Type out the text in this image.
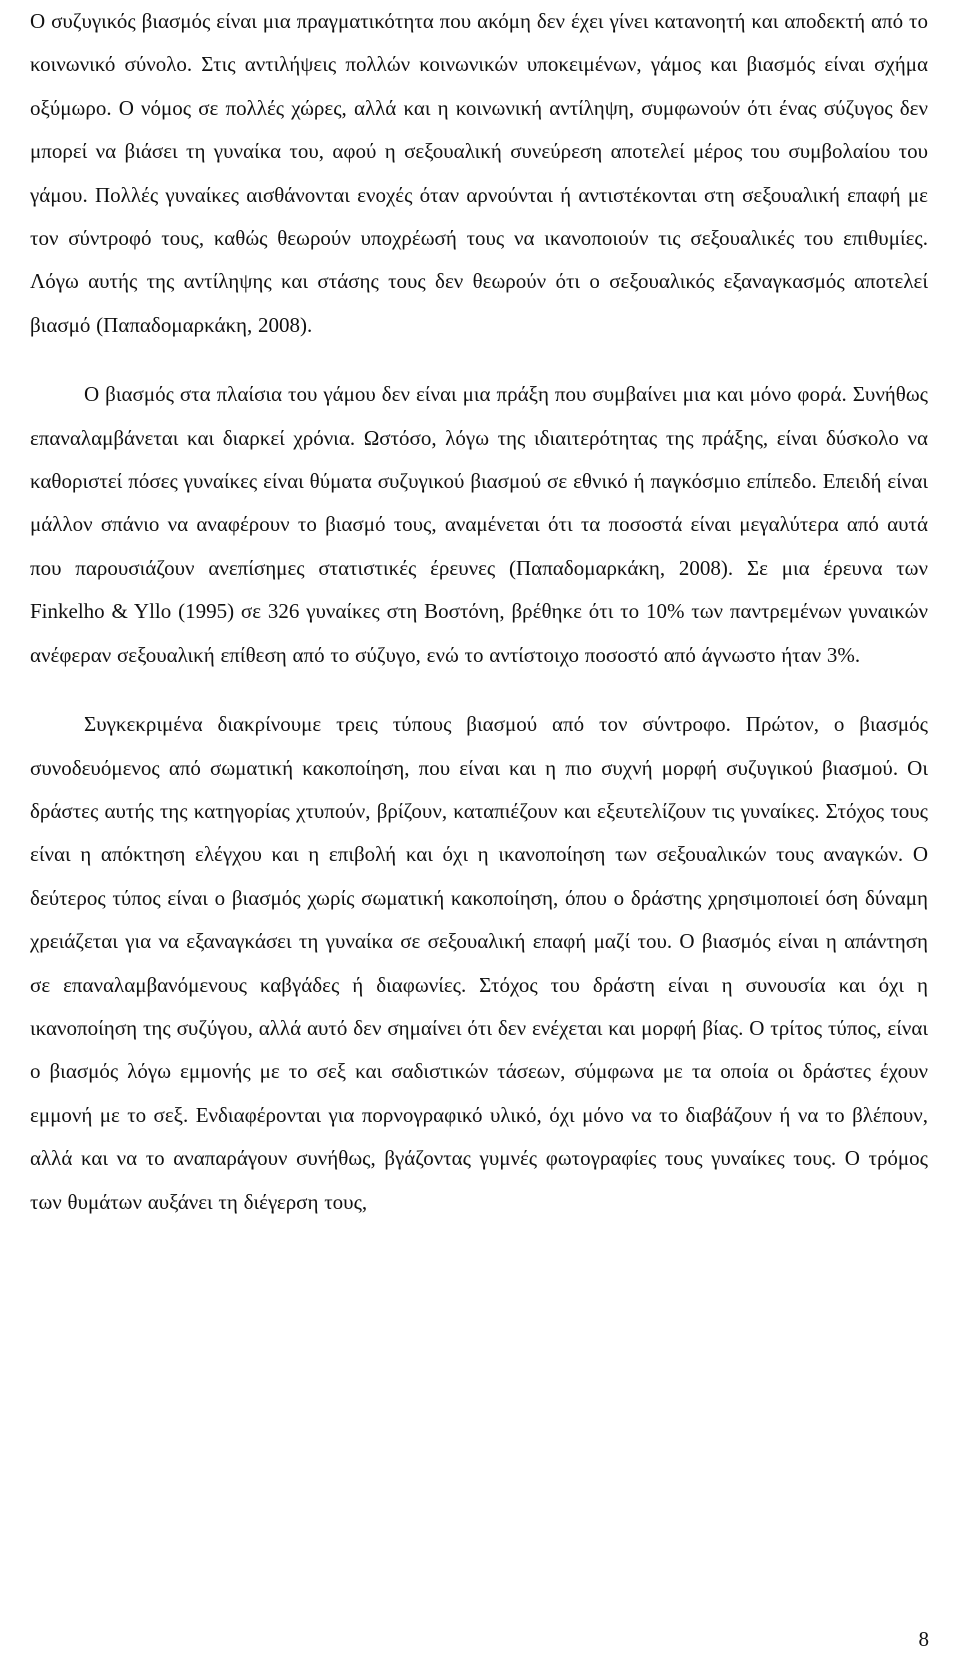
Ο συζυγικός βιασμός είναι μια πραγματικότητα που ακόμη δεν έχει γίνει κατανοητή και αποδεκτή από το κοινωνικό σύνολο. Στις αντιλήψεις πολλών κοινωνικών υποκειμένων, γάμος και βιασμός είναι σχήμα οξύμωρο. Ο νόμος σε πολλές χώρες, αλλά και η κοινωνική αντίληψη, συμφωνούν ότι ένας σύζυγος δεν μπορεί να βιάσει τη γυναίκα του, αφού η σεξουαλική συνεύρεση αποτελεί μέρος του συμβολαίου του γάμου. Πολλές γυναίκες αισθάνονται ενοχές όταν αρνούνται ή αντιστέκονται στη σεξουαλική επαφή με τον σύντροφό τους, καθώς θεωρούν υποχρέωσή τους να ικανοποιούν τις σεξουαλικές του επιθυμίες. Λόγω αυτής της αντίληψης και στάσης τους δεν θεωρούν ότι ο σεξουαλικός εξαναγκασμός αποτελεί βιασμό (Παπαδομαρκάκη, 2008).

Ο βιασμός στα πλαίσια του γάμου δεν είναι μια πράξη που συμβαίνει μια και μόνο φορά. Συνήθως επαναλαμβάνεται και διαρκεί χρόνια. Ωστόσο, λόγω της ιδιαιτερότητας της πράξης, είναι δύσκολο να καθοριστεί πόσες γυναίκες είναι θύματα συζυγικού βιασμού σε εθνικό ή παγκόσμιο επίπεδο. Επειδή είναι μάλλον σπάνιο να αναφέρουν το βιασμό τους, αναμένεται ότι τα ποσοστά είναι μεγαλύτερα από αυτά που παρουσιάζουν ανεπίσημες στατιστικές έρευνες (Παπαδομαρκάκη, 2008). Σε μια έρευνα των Finkelho & Yllo (1995) σε 326 γυναίκες στη Βοστόνη, βρέθηκε ότι το 10% των παντρεμένων γυναικών ανέφεραν σεξουαλική επίθεση από το σύζυγο, ενώ το αντίστοιχο ποσοστό από άγνωστο ήταν 3%.

Συγκεκριμένα διακρίνουμε τρεις τύπους βιασμού από τον σύντροφο. Πρώτον, ο βιασμός συνοδευόμενος από σωματική κακοποίηση, που είναι και η πιο συχνή μορφή συζυγικού βιασμού. Οι δράστες αυτής της κατηγορίας χτυπούν, βρίζουν, καταπιέζουν και εξευτελίζουν τις γυναίκες. Στόχος τους είναι η απόκτηση ελέγχου και η επιβολή και όχι η ικανοποίηση των σεξουαλικών τους αναγκών. Ο δεύτερος τύπος είναι ο βιασμός χωρίς σωματική κακοποίηση, όπου ο δράστης χρησιμοποιεί όση δύναμη χρειάζεται για να εξαναγκάσει τη γυναίκα σε σεξουαλική επαφή μαζί του. Ο βιασμός είναι η απάντηση σε επαναλαμβανόμενους καβγάδες ή διαφωνίες. Στόχος του δράστη είναι η συνουσία και όχι η ικανοποίηση της συζύγου, αλλά αυτό δεν σημαίνει ότι δεν ενέχεται και μορφή βίας. Ο τρίτος τύπος, είναι ο βιασμός λόγω εμμονής με το σεξ και σαδιστικών τάσεων, σύμφωνα με τα οποία οι δράστες έχουν εμμονή με το σεξ. Ενδιαφέρονται για πορνογραφικό υλικό, όχι μόνο να το διαβάζουν ή να το βλέπουν, αλλά και να το αναπαράγουν συνήθως, βγάζοντας γυμνές φωτογραφίες τους γυναίκες τους. Ο τρόμος των θυμάτων αυξάνει τη διέγερση τους,

8
